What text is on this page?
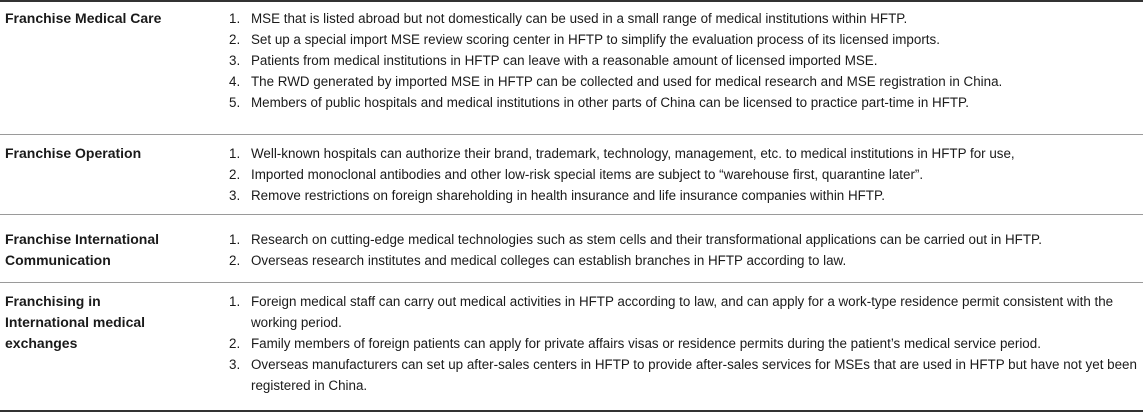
Franchise Medical Care	1. MSE that is listed abroad but not domestically can be used in a small range of medical institutions within HFTP.
2. Set up a special import MSE review scoring center in HFTP to simplify the evaluation process of its licensed imports.
3. Patients from medical institutions in HFTP can leave with a reasonable amount of licensed imported MSE.
4. The RWD generated by imported MSE in HFTP can be collected and used for medical research and MSE registration in China.
5. Members of public hospitals and medical institutions in other parts of China can be licensed to practice part-time in HFTP.
Franchise Operation	1. Well-known hospitals can authorize their brand, trademark, technology, management, etc. to medical institutions in HFTP for use,
2. Imported monoclonal antibodies and other low-risk special items are subject to “warehouse first, quarantine later”.
3. Remove restrictions on foreign shareholding in health insurance and life insurance companies within HFTP.
Franchise International Communication
1. Research on cutting-edge medical technologies such as stem cells and their transformational applications can be carried out in HFTP.
2. Overseas research institutes and medical colleges can establish branches in HFTP according to law.
Franchising in International medical exchanges
1. Foreign medical staff can carry out medical activities in HFTP according to law, and can apply for a work-type residence permit consistent with the working period.
2. Family members of foreign patients can apply for private affairs visas or residence permits during the patient’s medical service period.
3. Overseas manufacturers can set up after-sales centers in HFTP to provide after-sales services for MSEs that are used in HFTP but have not yet been registered in China.
